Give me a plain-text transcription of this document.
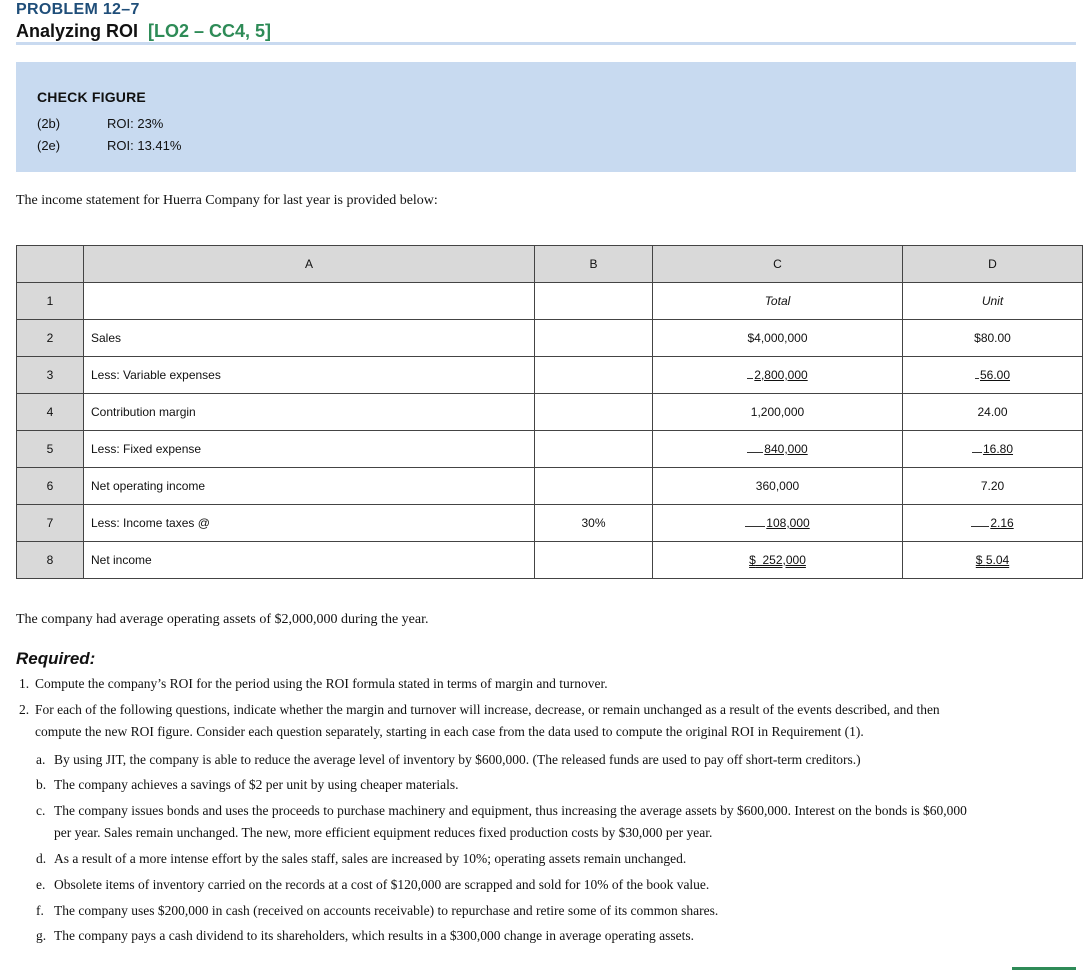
PROBLEM 12–7
Analyzing ROI [LO2 – CC4, 5]
CHECK FIGURE
(2b)	ROI: 23%
(2e)	ROI: 13.41%
The income statement for Huerra Company for last year is provided below:
	A	B	C	D
1			Total	Unit
2	Sales		$4,000,000	$80.00
3	Less: Variable expenses		2,800,000	56.00
4	Contribution margin		1,200,000	24.00
5	Less: Fixed expense		840,000	16.80
6	Net operating income		360,000	7.20
7	Less: Income taxes @	30%	108,000	2.16
8	Net income		$ 252,000	$ 5.04
The company had average operating assets of $2,000,000 during the year.
Required:
1. Compute the company’s ROI for the period using the ROI formula stated in terms of margin and turnover.
2. For each of the following questions, indicate whether the margin and turnover will increase, decrease, or remain unchanged as a result of the events described, and then
compute the new ROI figure. Consider each question separately, starting in each case from the data used to compute the original ROI in Requirement (1).
a. By using JIT, the company is able to reduce the average level of inventory by $600,000. (The released funds are used to pay off short-term creditors.)
b. The company achieves a savings of $2 per unit by using cheaper materials.
c. The company issues bonds and uses the proceeds to purchase machinery and equipment, thus increasing the average assets by $600,000. Interest on the bonds is $60,000
per year. Sales remain unchanged. The new, more efficient equipment reduces fixed production costs by $30,000 per year.
d. As a result of a more intense effort by the sales staff, sales are increased by 10%; operating assets remain unchanged.
e. Obsolete items of inventory carried on the records at a cost of $120,000 are scrapped and sold for 10% of the book value.
f. The company uses $200,000 in cash (received on accounts receivable) to repurchase and retire some of its common shares.
g. The company pays a cash dividend to its shareholders, which results in a $300,000 change in average operating assets.
